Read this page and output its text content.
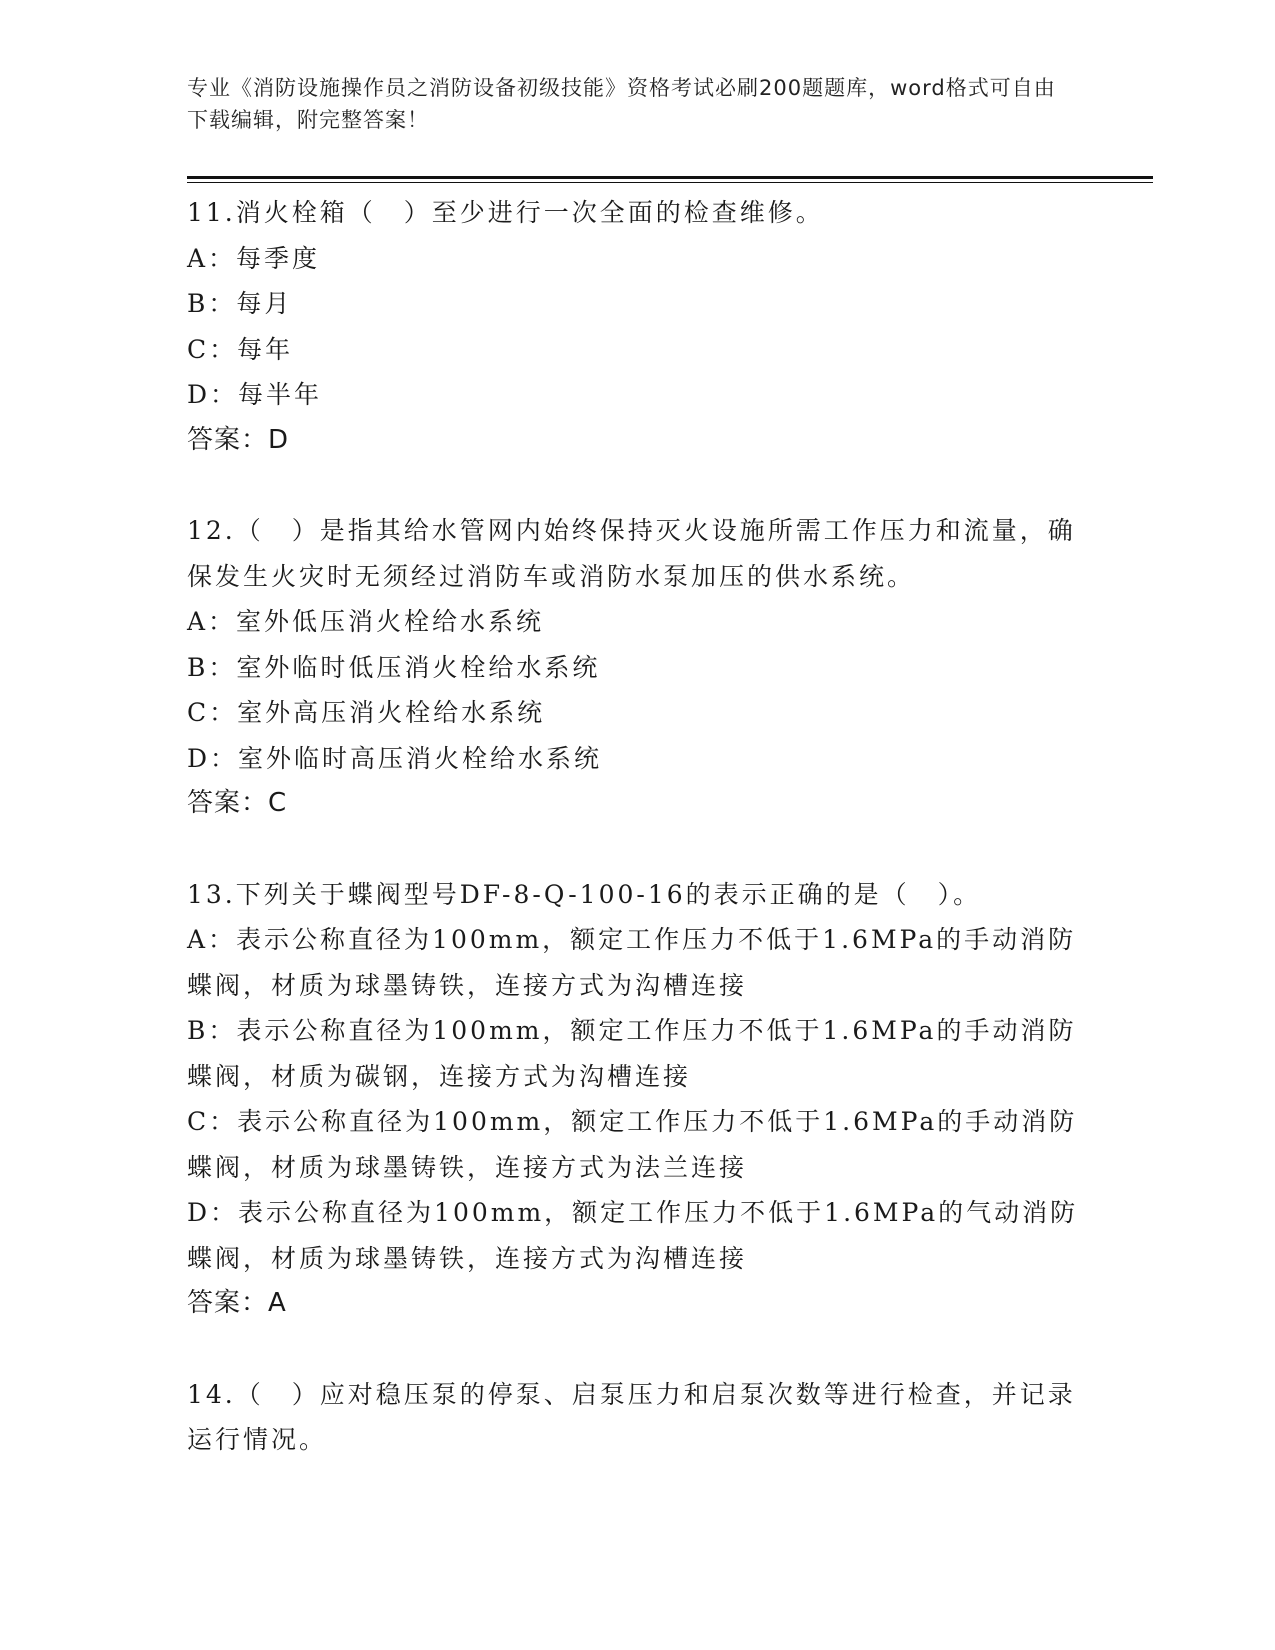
专业《消防设施操作员之消防设备初级技能》资格考试必刷200题题库，word格式可自由下载编辑，附完整答案！

11.消火栓箱（　）至少进行一次全面的检查维修。

A：每季度

B：每月

C：每年

D：每半年

答案：D

12.（　）是指其给水管网内始终保持灭火设施所需工作压力和流量，确保发生火灾时无须经过消防车或消防水泵加压的供水系统。

A：室外低压消火栓给水系统

B：室外临时低压消火栓给水系统

C：室外高压消火栓给水系统

D：室外临时高压消火栓给水系统

答案：C

13.下列关于蝶阀型号DF-8-Q-100-16的表示正确的是（　）。

A：表示公称直径为100mm，额定工作压力不低于1.6MPa的手动消防蝶阀，材质为球墨铸铁，连接方式为沟槽连接

B：表示公称直径为100mm，额定工作压力不低于1.6MPa的手动消防蝶阀，材质为碳钢，连接方式为沟槽连接

C：表示公称直径为100mm，额定工作压力不低于1.6MPa的手动消防蝶阀，材质为球墨铸铁，连接方式为法兰连接

D：表示公称直径为100mm，额定工作压力不低于1.6MPa的气动消防蝶阀，材质为球墨铸铁，连接方式为沟槽连接

答案：A

14.（　）应对稳压泵的停泵、启泵压力和启泵次数等进行检查，并记录运行情况。
